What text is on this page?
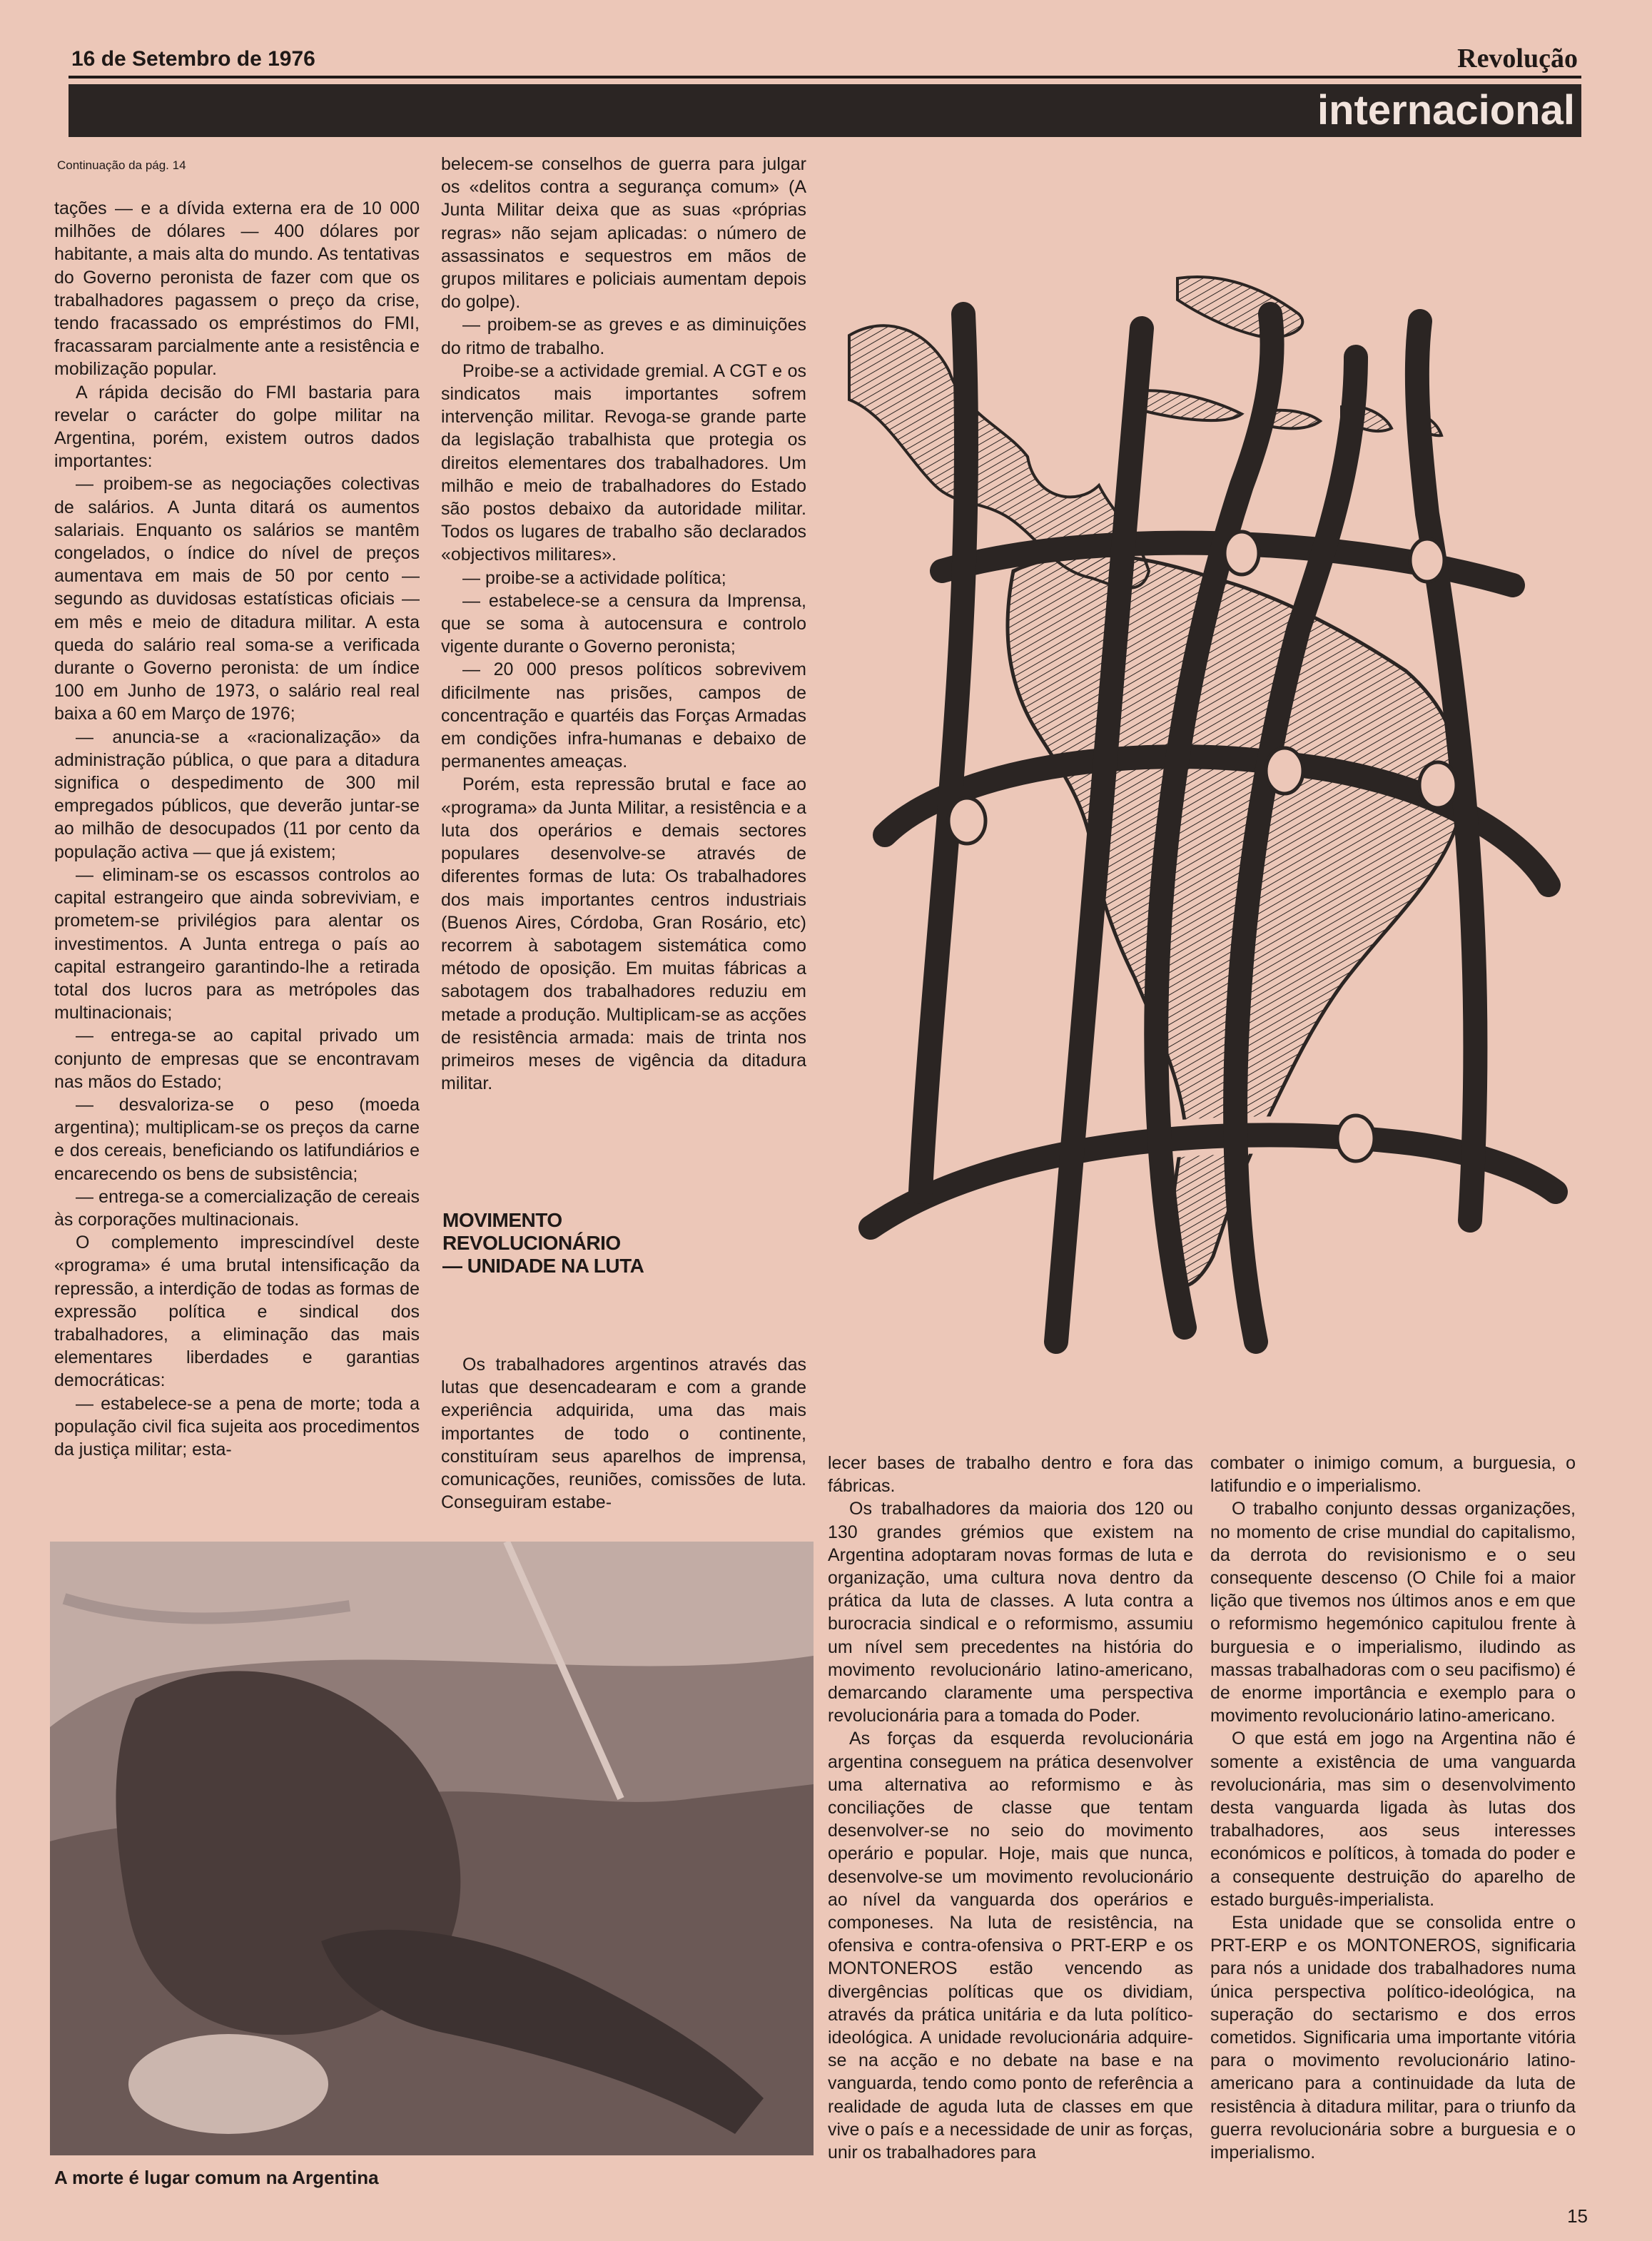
16 de Setembro de 1976	Revolução
internacional
Continuação da pág. 14

tações — e a dívida externa era de 10 000 milhões de dólares — 400 dólares por habitante, a mais alta do mundo. As tentativas do Governo peronista de fazer com que os trabalhadores pagassem o preço da crise, tendo fracassado os empréstimos do FMI, fracassaram parcialmente ante a resistência e mobilização popular.

A rápida decisão do FMI bastaria para revelar o carácter do golpe militar na Argentina, porém, existem outros dados importantes:

— proibem-se as negociações colectivas de salários. A Junta ditará os aumentos salariais. Enquanto os salários se mantêm congelados, o índice do nível de preços aumentava em mais de 50 por cento — segundo as duvidosas estatísticas oficiais — em mês e meio de ditadura militar. A esta queda do salário real soma-se a verificada durante o Governo peronista: de um índice 100 em Junho de 1973, o salário real real baixa a 60 em Março de 1976;

— anuncia-se a «racionalização» da administração pública, o que para a ditadura significa o despedimento de 300 mil empregados públicos, que deverão juntar-se ao milhão de desocupados (11 por cento da população activa — que já existem;

— eliminam-se os escassos controlos ao capital estrangeiro que ainda sobreviviam, e prometem-se privilégios para alentar os investimentos. A Junta entrega o país ao capital estrangeiro garantindo-lhe a retirada total dos lucros para as metrópoles das multinacionais;

— entrega-se ao capital privado um conjunto de empresas que se encontravam nas mãos do Estado;

— desvaloriza-se o peso (moeda argentina); multiplicam-se os preços da carne e dos cereais, beneficiando os latifundiários e encarecendo os bens de subsistência;

— entrega-se a comercialização de cereais às corporações multinacionais.

O complemento imprescindível deste «programa» é uma brutal intensificação da repressão, a interdição de todas as formas de expressão política e sindical dos trabalhadores, a eliminação das mais elementares liberdades e garantias democráticas:

— estabelece-se a pena de morte; toda a população civil fica sujeita aos procedimentos da justiça militar; esta-

belecem-se conselhos de guerra para julgar os «delitos contra a segurança comum» (A Junta Militar deixa que as suas «próprias regras» não sejam aplicadas: o número de assassinatos e sequestros em mãos de grupos militares e policiais aumentam depois do golpe).

— proibem-se as greves e as diminuições do ritmo de trabalho.

Proibe-se a actividade gremial. A CGT e os sindicatos mais importantes sofrem intervenção militar. Revoga-se grande parte da legislação trabalhista que protegia os direitos elementares dos trabalhadores. Um milhão e meio de trabalhadores do Estado são postos debaixo da autoridade militar. Todos os lugares de trabalho são declarados «objectivos militares».

— proibe-se a actividade política;

— estabelece-se a censura da Imprensa, que se soma à autocensura e controlo vigente durante o Governo peronista;

— 20 000 presos políticos sobrevivem dificilmente nas prisões, campos de concentração e quartéis das Forças Armadas em condições infra-humanas e debaixo de permanentes ameaças.

Porém, esta repressão brutal e face ao «programa» da Junta Militar, a resistência e a luta dos operários e demais sectores populares desenvolve-se através de diferentes formas de luta: Os trabalhadores dos mais importantes centros industriais (Buenos Aires, Córdoba, Gran Rosário, etc) recorrem à sabotagem sistemática como método de oposição. Em muitas fábricas a sabotagem dos trabalhadores reduziu em metade a produção. Multiplicam-se as acções de resistência armada: mais de trinta nos primeiros meses de vigência da ditadura militar.

MOVIMENTO
REVOLUCIONÁRIO
— UNIDADE NA LUTA

Os trabalhadores argentinos através das lutas que desencadearam e com a grande experiência adquirida, uma das mais importantes de todo o continente, constituíram seus aparelhos de imprensa, comunicações, reuniões, comissões de luta. Conseguiram estabe-

lecer bases de trabalho dentro e fora das fábricas.

Os trabalhadores da maioria dos 120 ou 130 grandes grémios que existem na Argentina adoptaram novas formas de luta e organização, uma cultura nova dentro da prática da luta de classes. A luta contra a burocracia sindical e o reformismo, assumiu um nível sem precedentes na história do movimento revolucionário latino-americano, demarcando claramente uma perspectiva revolucionária para a tomada do Poder.

As forças da esquerda revolucionária argentina conseguem na prática desenvolver uma alternativa ao reformismo e às conciliações de classe que tentam desenvolver-se no seio do movimento operário e popular. Hoje, mais que nunca, desenvolve-se um movimento revolucionário ao nível da vanguarda dos operários e componeses. Na luta de resistência, na ofensiva e contra-ofensiva o PRT-ERP e os MONTONEROS estão vencendo as divergências políticas que os dividiam, através da prática unitária e da luta político-ideológica. A unidade revolucionária adquire-se na acção e no debate na base e na vanguarda, tendo como ponto de referência a realidade de aguda luta de classes em que vive o país e a necessidade de unir as forças, unir os trabalhadores para

combater o inimigo comum, a burguesia, o latifundio e o imperialismo.

O trabalho conjunto dessas organizações, no momento de crise mundial do capitalismo, da derrota do revisionismo e o seu consequente descenso (O Chile foi a maior lição que tivemos nos últimos anos e em que o reformismo hegemónico capitulou frente à burguesia e o imperialismo, iludindo as massas trabalhadoras com o seu pacifismo) é de enorme importância e exemplo para o movimento revolucionário latino-americano.

O que está em jogo na Argentina não é somente a existência de uma vanguarda revolucionária, mas sim o desenvolvimento desta vanguarda ligada às lutas dos trabalhadores, aos seus interesses económicos e políticos, à tomada do poder e a consequente destruição do aparelho de estado burguês-imperialista.

Esta unidade que se consolida entre o PRT-ERP e os MONTONEROS, significaria para nós a unidade dos trabalhadores numa única perspectiva político-ideológica, na superação do sectarismo e dos erros cometidos. Significaria uma importante vitória para o movimento revolucionário latino-americano para a continuidade da luta de resistência à ditadura militar, para o triunfo da guerra revolucionária sobre a burguesia e o imperialismo.

A morte é lugar comum na Argentina
15
